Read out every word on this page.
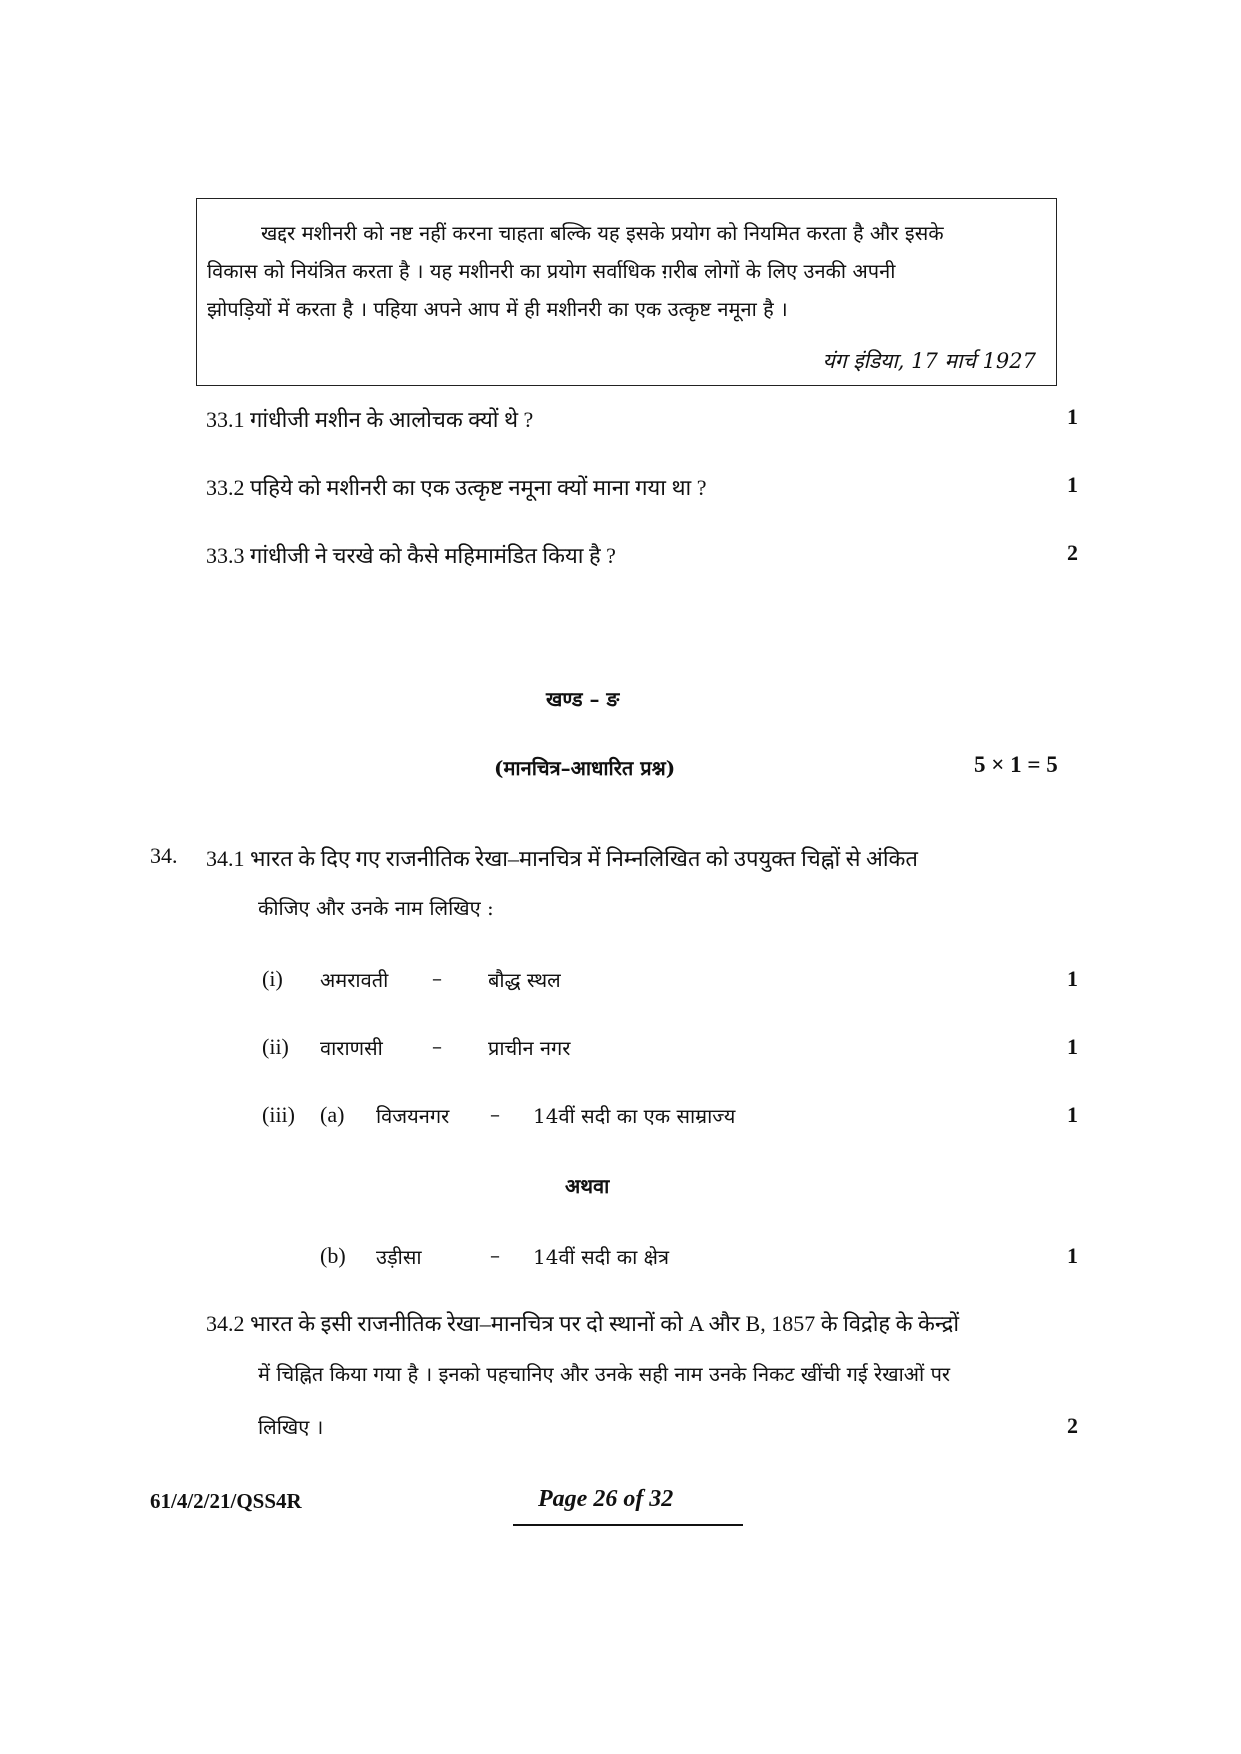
खद्दर मशीनरी को नष्ट नहीं करना चाहता बल्कि यह इसके प्रयोग को नियमित करता है और इसके
विकास को नियंत्रित करता है । यह मशीनरी का प्रयोग सर्वाधिक ग़रीब लोगों के लिए उनकी अपनी
झोपड़ियों में करता है । पहिया अपने आप में ही मशीनरी का एक उत्कृष्ट नमूना है ।
यंग इंडिया, 17 मार्च 1927
33.1 गांधीजी मशीन के आलोचक क्यों थे ?	1
33.2 पहिये को मशीनरी का एक उत्कृष्ट नमूना क्यों माना गया था ?	1
33.3 गांधीजी ने चरखे को कैसे महिमामंडित किया है ?	2
खण्ड – ङ
(मानचित्र–आधारित प्रश्न)	5 × 1 = 5
34. 34.1 भारत के दिए गए राजनीतिक रेखा–मानचित्र में निम्नलिखित को उपयुक्त चिह्नों से अंकित
कीजिए और उनके नाम लिखिए :
(i) अमरावती – बौद्ध स्थल	1
(ii) वाराणसी – प्राचीन नगर	1
(iii) (a) विजयनगर – 14वीं सदी का एक साम्राज्य	1
अथवा
(b) उड़ीसा	– 14वीं सदी का क्षेत्र	1
34.2 भारत के इसी राजनीतिक रेखा–मानचित्र पर दो स्थानों को A और B, 1857 के विद्रोह के केन्द्रों
में चिह्नित किया गया है । इनको पहचानिए और उनके सही नाम उनके निकट खींची गई रेखाओं पर
लिखिए ।	2
61/4/2/21/QSS4R	Page 26 of 32
